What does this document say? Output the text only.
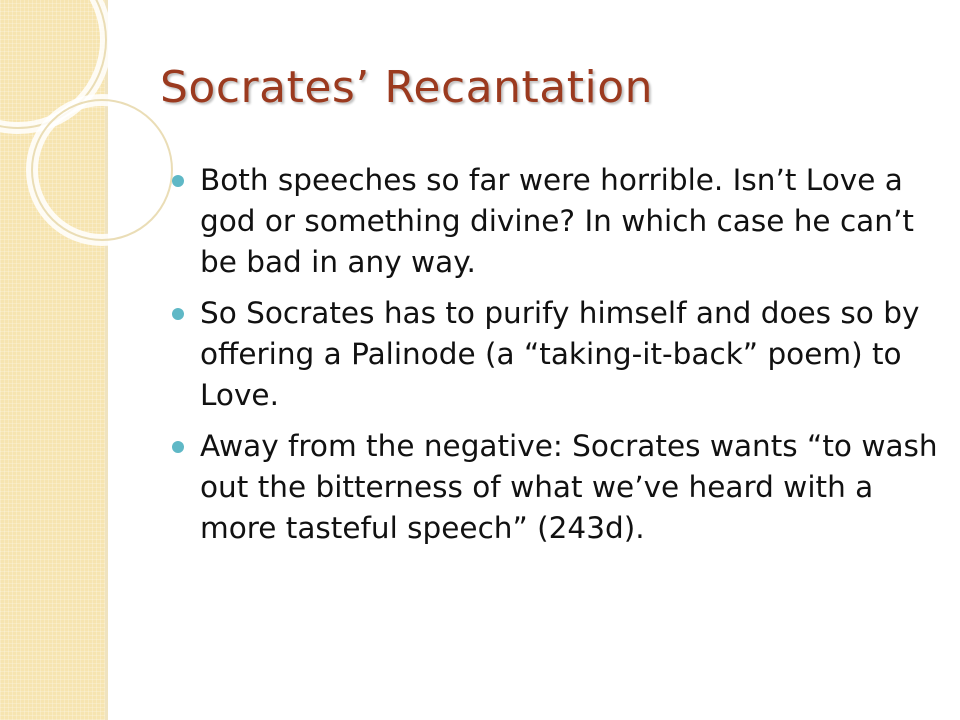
Socrates’ Recantation
Both speeches so far were horrible. Isn’t Love a god or something divine? In which case he can’t be bad in any way.
So Socrates has to purify himself and does so by offering a Palinode (a “taking-it-back” poem) to Love.
Away from the negative: Socrates wants “to wash out the bitterness of what we’ve heard with a more tasteful speech” (243d).
